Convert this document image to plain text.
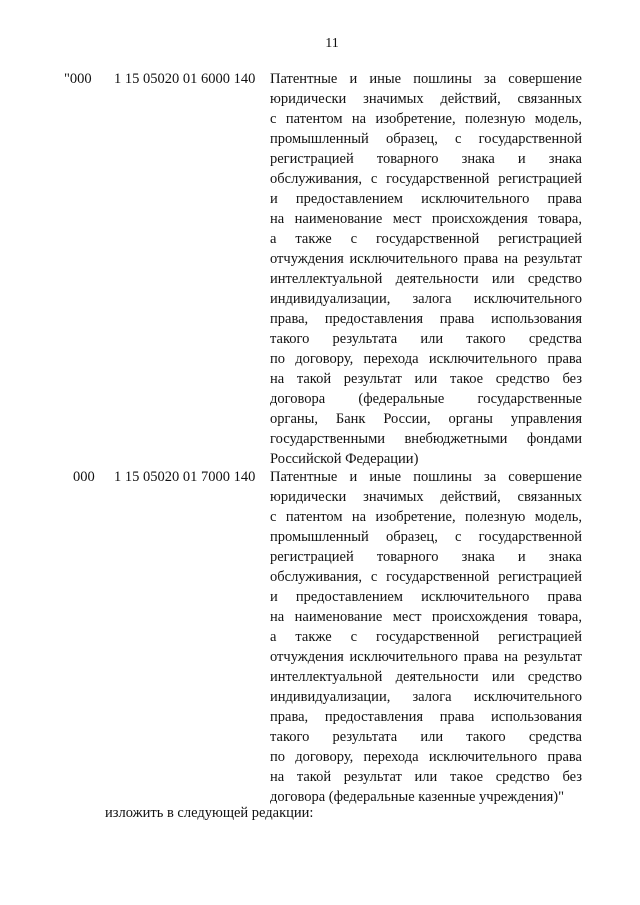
11
"000 1 15 05020 01 6000 140 Патентные и иные пошлины за совершение
юридически значимых действий, связанных
с патентом на изобретение, полезную модель,
промышленный образец, с государственной
регистрацией товарного знака и знака
обслуживания, с государственной регистрацией
и предоставлением исключительного права
на наименование мест происхождения товара,
а также с государственной регистрацией
отчуждения исключительного права на результат
интеллектуальной деятельности или средство
индивидуализации, залога исключительного
права, предоставления права использования
такого результата или такого средства
по договору, перехода исключительного права
на такой результат или такое средство без
договора (федеральные государственные
органы, Банк России, органы управления
государственными внебюджетными фондами
Российской Федерации)
000 1 15 05020 01 7000 140 Патентные и иные пошлины за совершение
юридически значимых действий, связанных
с патентом на изобретение, полезную модель,
промышленный образец, с государственной
регистрацией товарного знака и знака
обслуживания, с государственной регистрацией
и предоставлением исключительного права
на наименование мест происхождения товара,
а также с государственной регистрацией
отчуждения исключительного права на результат
интеллектуальной деятельности или средство
индивидуализации, залога исключительного
права, предоставления права использования
такого результата или такого средства
по договору, перехода исключительного права
на такой результат или такое средство без
договора (федеральные казенные учреждения)"
изложить в следующей редакции:
